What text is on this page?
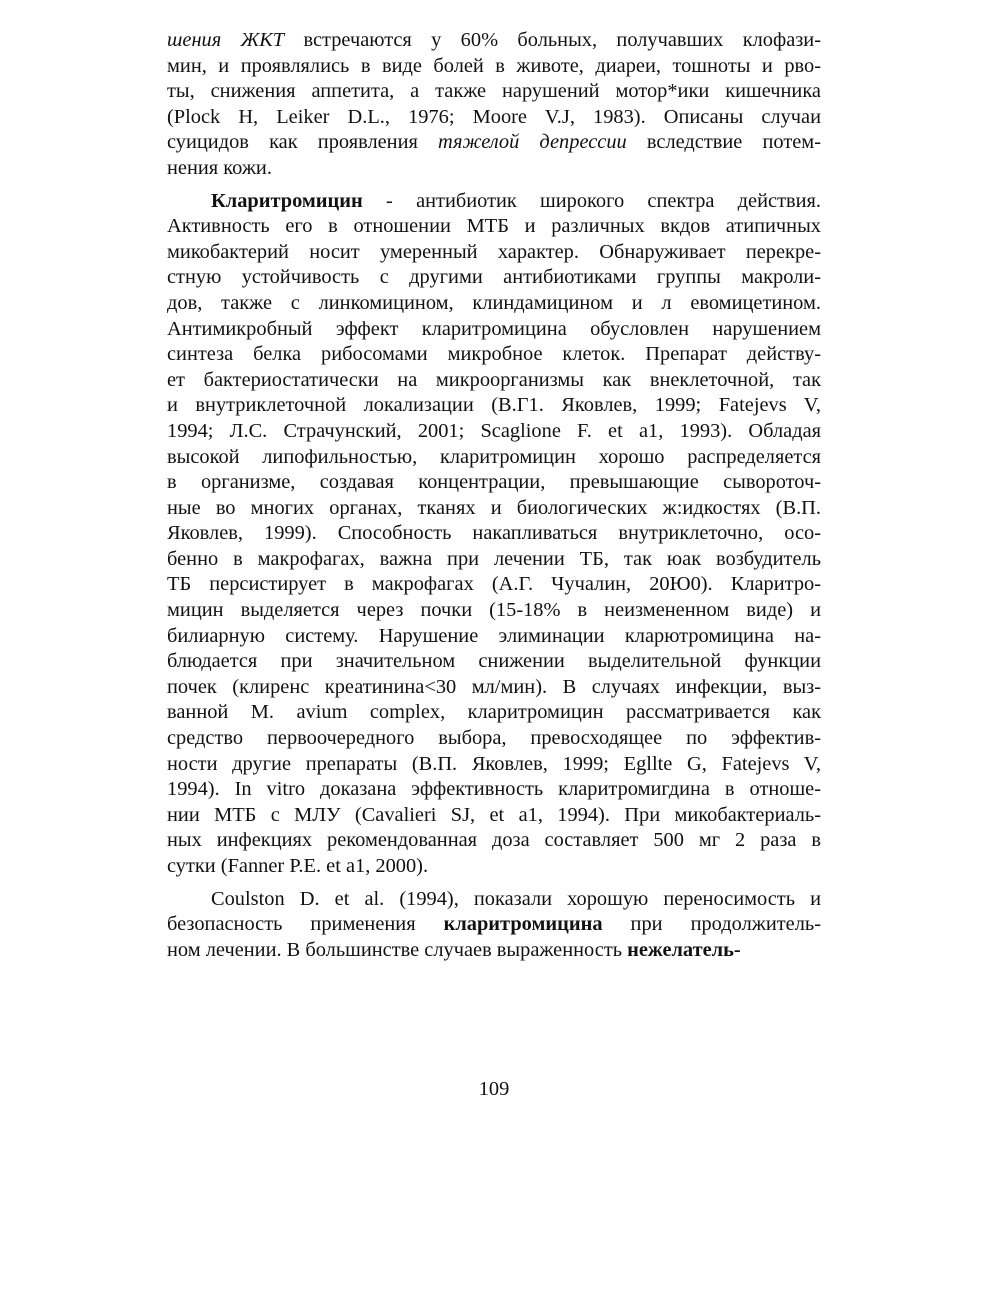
шения ЖКТ встречаются у 60% больных, получавших клофази-
мин, и проявлялись в виде болей в животе, диареи, тошноты и рво-
ты, снижения аппетита, а также нарушений мотор*ики кишечника
(Plock H, Leiker D.L., 1976; Moore V.J, 1983). Описаны случаи
суицидов как проявления тяжелой депрессии вследствие потем-
нения кожи.
Кларитромицин - антибиотик широкого спектра действия.
Активность его в отношении МТБ и различных вкдов атипичных
микобактерий носит умеренный характер. Обнаруживает перекре-
стную устойчивость с другими антибиотиками группы макроли-
дов, также с линкомицином, клиндамицином и л евомицетином.
Антимикробный эффект кларитромицина обусловлен нарушением
синтеза белка рибосомами микробное клеток. Препарат действу-
ет бактериостатически на микроорганизмы как внеклеточной, так
и внутриклеточной локализации (В.Г1. Яковлев, 1999; Fatejevs V,
1994; Л.С. Страчунский, 2001; Scaglione F. et a1, 1993). Обладая
высокой липофильностью, кларитромицин хорошо распределяется
в организме, создавая концентрации, превышающие сывороточ-
ные во многих органах, тканях и биологических ж:идкостях (В.П.
Яковлев, 1999). Способность накапливаться внутриклеточно, осо-
бенно в макрофагах, важна при лечении ТБ, так юак возбудитель
ТБ персистирует в макрофагах (А.Г. Чучалин, 20Ю0). Кларитро-
мицин выделяется через почки (15-18% в неизмененном виде) и
билиарную систему. Нарушение элиминации кларютромицина на-
блюдается при значительном снижении выделительной функции
почек (клиренс креатинина<30 мл/мин). В случаях инфекции, выз-
ванной M. avium complex, кларитромицин рассматривается как
средство первоочередного выбора, превосходящее по эффектив-
ности другие препараты (В.П. Яковлев, 1999; Egllte G, Fatejevs V,
1994). In vitro доказана эффективность кларитромигдина в отноше-
нии МТБ с МЛУ (Cavalieri SJ, et a1, 1994). При микобактериаль-
ных инфекциях рекомендованная доза составляет 500 мг 2 раза в
сутки (Fanner P.E. et a1, 2000).
Coulston D. et al. (1994), показали хорошую переносимость и
безопасность применения кларитромицина при продолжитель-
ном лечении. В большинстве случаев выраженность нежелатель-
109
